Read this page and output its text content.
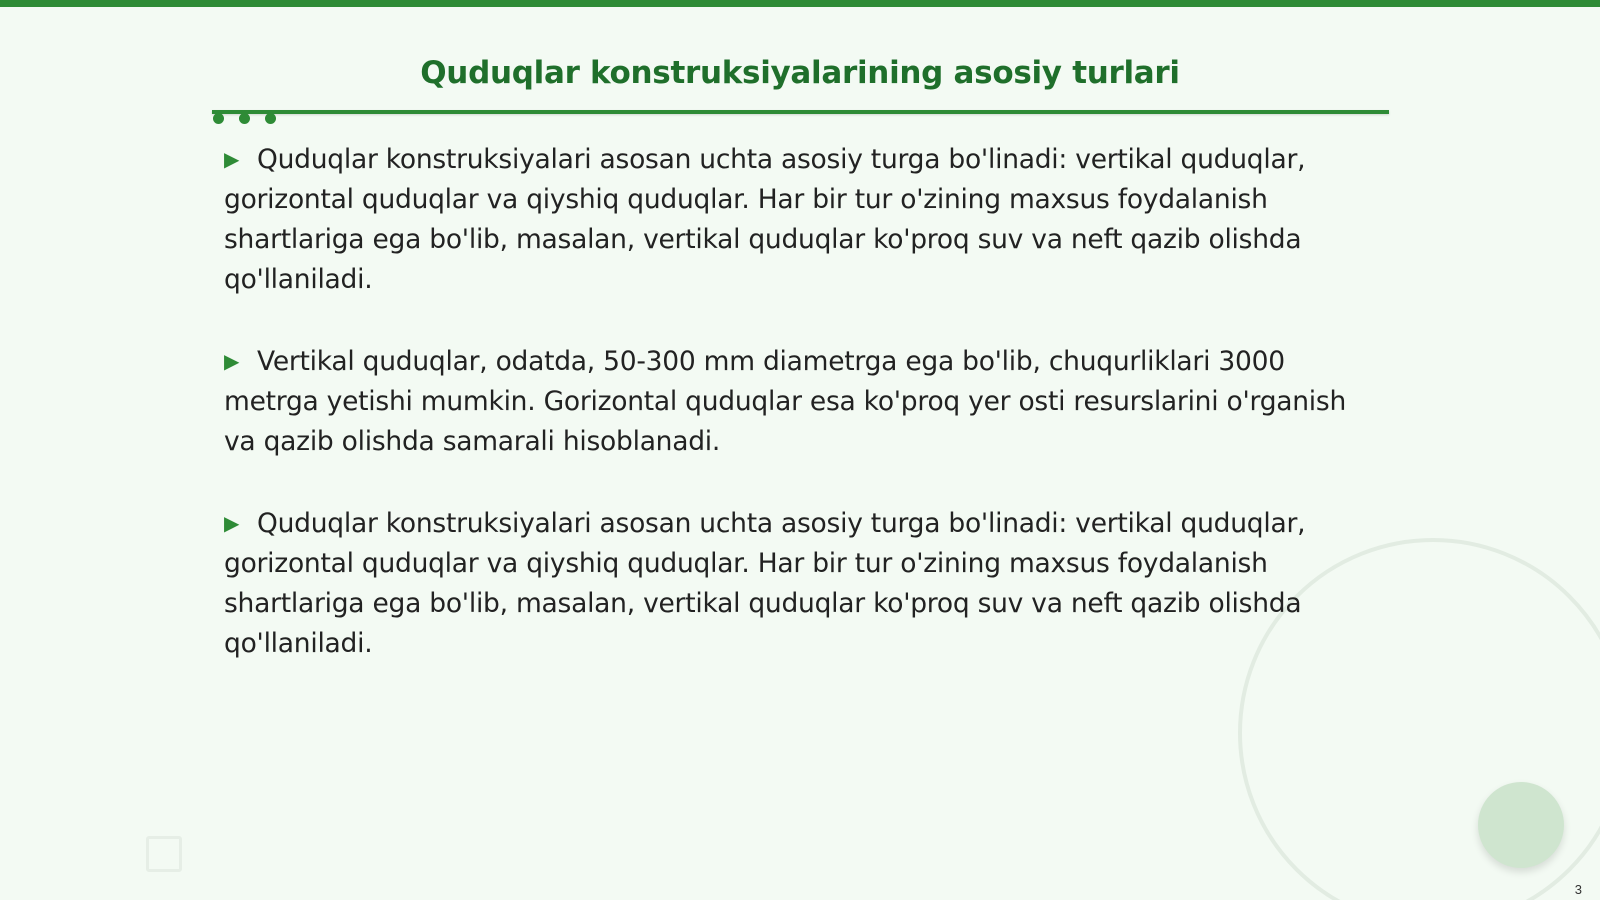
Quduqlar konstruksiyalarining asosiy turlari

▶ Quduqlar konstruksiyalari asosan uchta asosiy turga bo'linadi: vertikal quduqlar, gorizontal quduqlar va qiyshiq quduqlar. Har bir tur o'zining maxsus foydalanish shartlariga ega bo'lib, masalan, vertikal quduqlar ko'proq suv va neft qazib olishda qo'llaniladi.

▶ Vertikal quduqlar, odatda, 50-300 mm diametrga ega bo'lib, chuqurliklari 3000 metrga yetishi mumkin. Gorizontal quduqlar esa ko'proq yer osti resurslarini o'rganish va qazib olishda samarali hisoblanadi.

▶ Quduqlar konstruksiyalari asosan uchta asosiy turga bo'linadi: vertikal quduqlar, gorizontal quduqlar va qiyshiq quduqlar. Har bir tur o'zining maxsus foydalanish shartlariga ega bo'lib, masalan, vertikal quduqlar ko'proq suv va neft qazib olishda qo'llaniladi.

3
